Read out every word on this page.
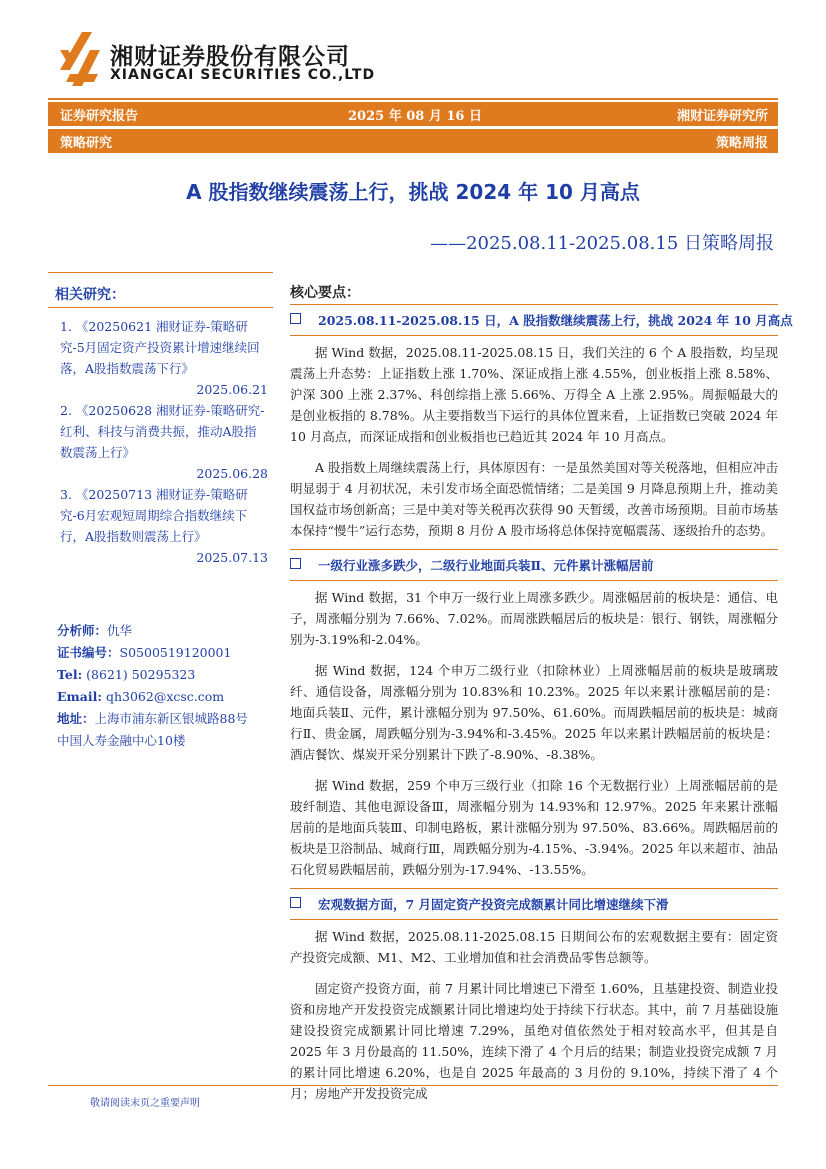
湘财证券股份有限公司
XIANGCAI SECURITIES CO.,LTD
证券研究报告	2025 年 08 月 16 日	湘财证券研究所
策略研究	策略周报
A 股指数继续震荡上行，挑战 2024 年 10 月高点
——2025.08.11-2025.08.15 日策略周报
相关研究：
1. 《20250621 湘财证券-策略研究-5月固定资产投资累计增速继续回落，A股指数震荡下行》
2025.06.21
2. 《20250628 湘财证券-策略研究-红利、科技与消费共振，推动A股指数震荡上行》
2025.06.28
3. 《20250713 湘财证券-策略研究-6月宏观短周期综合指数继续下行，A股指数则震荡上行》
2025.07.13
分析师：仇华
证书编号：S0500519120001
Tel: (8621) 50295323
Email: qh3062@xcsc.com
地址：上海市浦东新区银城路88号
中国人寿金融中心10楼
核心要点：
2025.08.11-2025.08.15 日，A 股指数继续震荡上行，挑战 2024 年 10 月高点

据 Wind 数据，2025.08.11-2025.08.15 日，我们关注的 6 个 A 股指数，均呈现震荡上升态势：上证指数上涨 1.70%、深证成指上涨 4.55%，创业板指上涨 8.58%、沪深 300 上涨 2.37%、科创综指上涨 5.66%、万得全 A 上涨 2.95%。周振幅最大的是创业板指的 8.78%。从主要指数当下运行的具体位置来看，上证指数已突破 2024 年 10 月高点，而深证成指和创业板指也已趋近其 2024 年 10 月高点。

A 股指数上周继续震荡上行，具体原因有：一是虽然美国对等关税落地，但相应冲击明显弱于 4 月初状况，未引发市场全面恐慌情绪；二是美国 9 月降息预期上升，推动美国权益市场创新高；三是中美对等关税再次获得 90 天暂缓，改善市场预期。目前市场基本保持“慢牛”运行态势，预期 8 月份 A 股市场将总体保持宽幅震荡、逐级抬升的态势。

一级行业涨多跌少，二级行业地面兵装Ⅱ、元件累计涨幅居前

据 Wind 数据，31 个申万一级行业上周涨多跌少。周涨幅居前的板块是：通信、电子，周涨幅分别为 7.66%、7.02%。而周涨跌幅居后的板块是：银行、钢铁，周涨幅分别为-3.19%和-2.04%。

据 Wind 数据，124 个申万二级行业（扣除林业）上周涨幅居前的板块是玻璃玻纤、通信设备，周涨幅分别为 10.83%和 10.23%。2025 年以来累计涨幅居前的是：地面兵装Ⅱ、元件，累计涨幅分别为 97.50%、61.60%。而周跌幅居前的板块是：城商行Ⅱ、贵金属，周跌幅分别为-3.94%和-3.45%。2025 年以来累计跌幅居前的板块是：酒店餐饮、煤炭开采分别累计下跌了-8.90%、-8.38%。

据 Wind 数据，259 个申万三级行业（扣除 16 个无数据行业）上周涨幅居前的是玻纤制造、其他电源设备Ⅲ，周涨幅分别为 14.93%和 12.97%。2025 年来累计涨幅居前的是地面兵装Ⅲ、印制电路板，累计涨幅分别为 97.50%、83.66%。周跌幅居前的板块是卫浴制品、城商行Ⅲ，周跌幅分别为-4.15%、-3.94%。2025 年以来超市、油品石化贸易跌幅居前，跌幅分别为-17.94%、-13.55%。

宏观数据方面，7 月固定资产投资完成额累计同比增速继续下滑

据 Wind 数据，2025.08.11-2025.08.15 日期间公布的宏观数据主要有：固定资产投资完成额、M1、M2、工业增加值和社会消费品零售总额等。

固定资产投资方面，前 7 月累计同比增速已下滑至 1.60%，且基建投资、制造业投资和房地产开发投资完成额累计同比增速均处于持续下行状态。其中，前 7 月基础设施建设投资完成额累计同比增速 7.29%，虽绝对值依然处于相对较高水平，但其是自 2025 年 3 月份最高的 11.50%，连续下滑了 4 个月后的结果；制造业投资完成额 7 月的累计同比增速 6.20%，也是自 2025 年最高的 3 月份的 9.10%，持续下滑了 4 个月；房地产开发投资完成

敬请阅读末页之重要声明
